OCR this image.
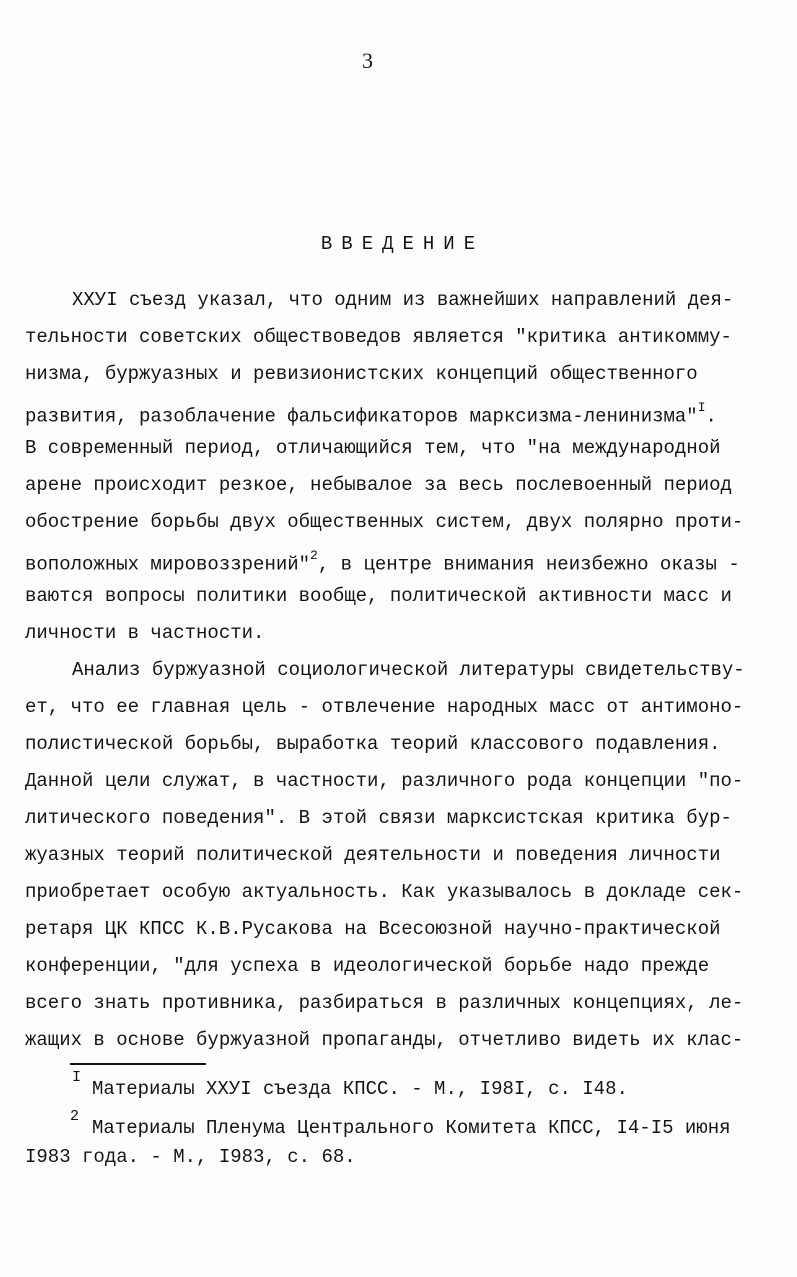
3
ВВЕДЕНИЕ
ХХУI съезд указал, что одним из важнейших направлений дея-
тельности советских обществоведов является "критика антикомму-
низма, буржуазных и ревизионистских концепций общественного
развития, разоблачение фальсификаторов марксизма-ленинизма"$^I$.
В современный период, отличающийся тем, что "на международной
арене происходит резкое, небывалое за весь послевоенный период
обострение борьбы двух общественных систем, двух полярно проти-
воположных мировоззрений"$^2$, в центре внимания неизбежно оказы -
ваются вопросы политики вообще, политической активности масс и
личности в частности.
Анализ буржуазной социологической литературы свидетельству-
ет, что ее главная цель - отвлечение народных масс от антимоно-
полистической борьбы, выработка теорий классового подавления.
Данной цели служат, в частности, различного рода концепции "по-
литического поведения". В этой связи марксистская критика бур-
жуазных теорий политической деятельности и поведения личности
приобретает особую актуальность. Как указывалось в докладе сек-
ретаря ЦК КПСС К.В.Русакова на Всесоюзной научно-практической
конференции, "для успеха в идеологической борьбе надо прежде
всего знать противника, разбираться в различных концепциях, ле-
жащих в основе буржуазной пропаганды, отчетливо видеть их клас-
I
Материалы ХХУI съезда КПСС. - М., I98I, с. I48.
2
Материалы Пленума Центрального Комитета КПСС, I4-I5 июня
I983 года. - М., I983, с. 68.
